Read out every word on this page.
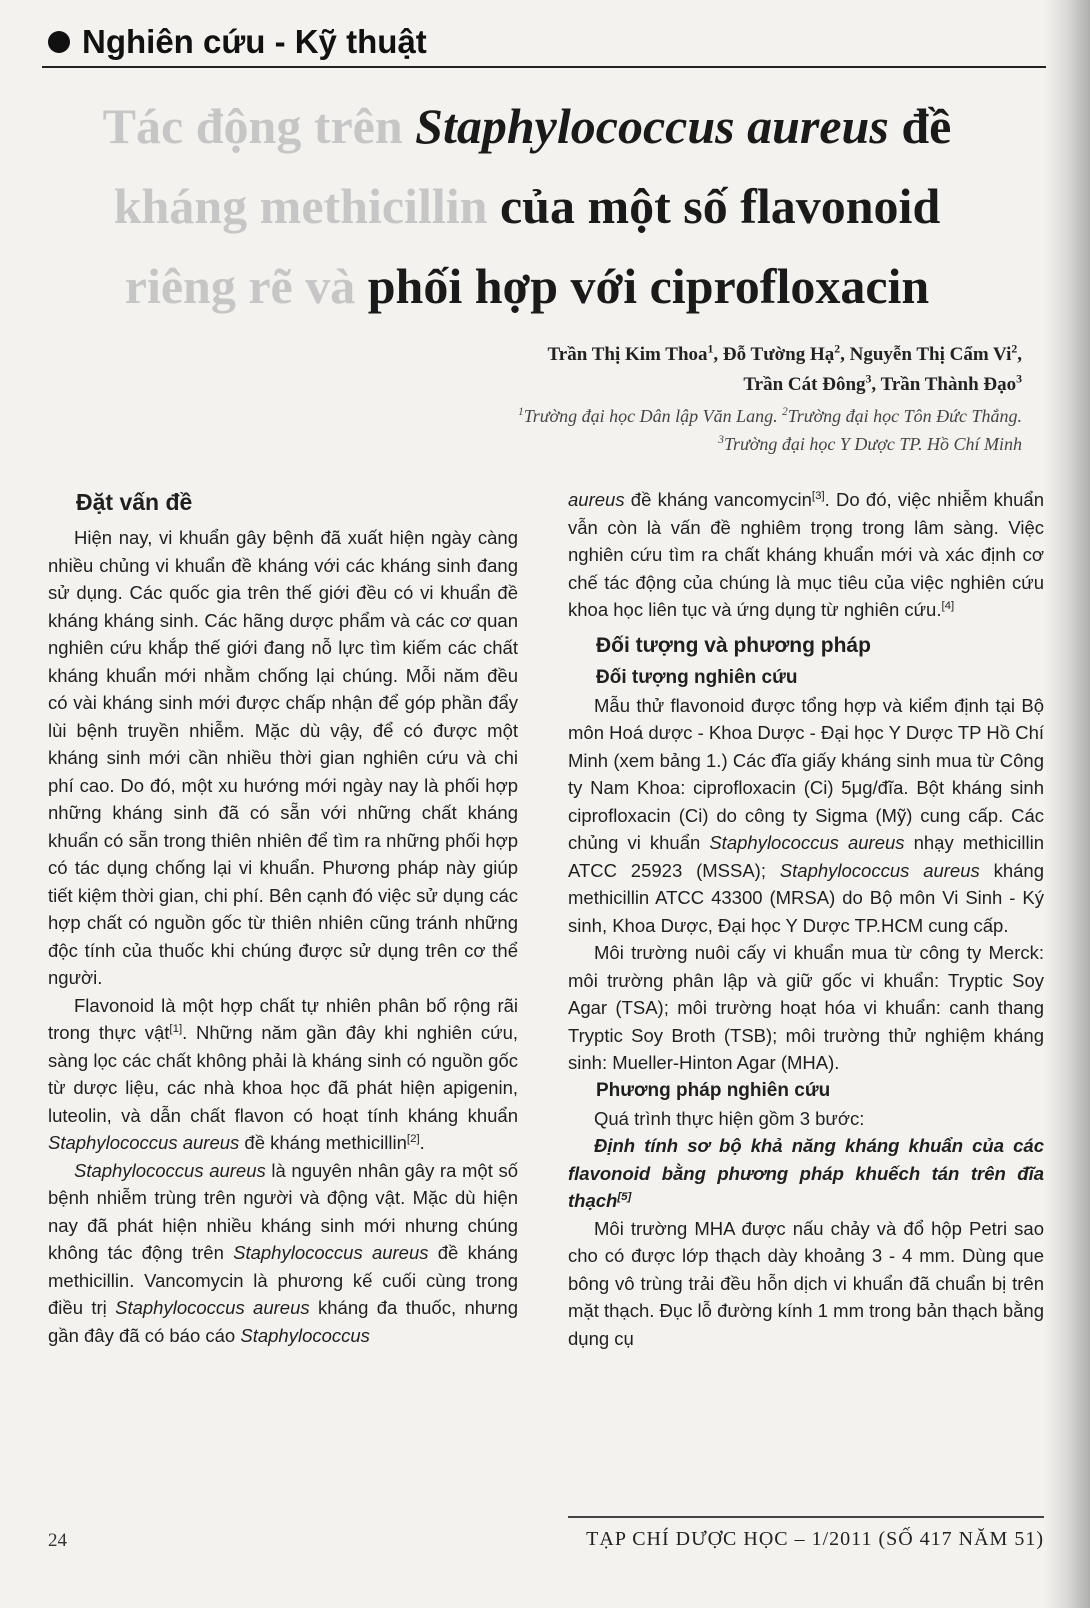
Nghiên cứu - Kỹ thuật
Tác động trên Staphylococcus aureus đề
kháng methicillin của một số flavonoid
riêng rẽ và phối hợp với ciprofloxacin
Trần Thị Kim Thoa$^1$, Đỗ Tường Hạ$^2$, Nguyễn Thị Cẩm Vi$^2$,
Trần Cát Đông$^3$, Trần Thành Đạo$^3$
$^1$Trường đại học Dân lập Văn Lang. $^2$Trường đại học Tôn Đức Thắng.
$^3$Trường đại học Y Dược TP. Hồ Chí Minh
Đặt vấn đề

Hiện nay, vi khuẩn gây bệnh đã xuất hiện ngày càng nhiều chủng vi khuẩn đề kháng với các kháng sinh đang sử dụng. Các quốc gia trên thế giới đều có vi khuẩn đề kháng kháng sinh. Các hãng dược phẩm và các cơ quan nghiên cứu khắp thế giới đang nỗ lực tìm kiếm các chất kháng khuẩn mới nhằm chống lại chúng. Mỗi năm đều có vài kháng sinh mới được chấp nhận để góp phần đẩy lùi bệnh truyền nhiễm. Mặc dù vậy, để có được một kháng sinh mới cần nhiều thời gian nghiên cứu và chi phí cao. Do đó, một xu hướng mới ngày nay là phối hợp những kháng sinh đã có sẵn với những chất kháng khuẩn có sẵn trong thiên nhiên để tìm ra những phối hợp có tác dụng chống lại vi khuẩn. Phương pháp này giúp tiết kiệm thời gian, chi phí. Bên cạnh đó việc sử dụng các hợp chất có nguồn gốc từ thiên nhiên cũng tránh những độc tính của thuốc khi chúng được sử dụng trên cơ thể người.

Flavonoid là một hợp chất tự nhiên phân bố rộng rãi trong thực vật[1]. Những năm gần đây khi nghiên cứu, sàng lọc các chất không phải là kháng sinh có nguồn gốc từ dược liệu, các nhà khoa học đã phát hiện apigenin, luteolin, và dẫn chất flavon có hoạt tính kháng khuẩn Staphylococcus aureus đề kháng methicillin[2].

Staphylococcus aureus là nguyên nhân gây ra một số bệnh nhiễm trùng trên người và động vật. Mặc dù hiện nay đã phát hiện nhiều kháng sinh mới nhưng chúng không tác động trên Staphylococcus aureus đề kháng methicillin. Vancomycin là phương kế cuối cùng trong điều trị Staphylococcus aureus kháng đa thuốc, nhưng gần đây đã có báo cáo Staphylococcus

aureus đề kháng vancomycin[3]. Do đó, việc nhiễm khuẩn vẫn còn là vấn đề nghiêm trọng trong lâm sàng. Việc nghiên cứu tìm ra chất kháng khuẩn mới và xác định cơ chế tác động của chúng là mục tiêu của việc nghiên cứu khoa học liên tục và ứng dụng từ nghiên cứu.[4]

Đối tượng và phương pháp
Đối tượng nghiên cứu

Mẫu thử flavonoid được tổng hợp và kiểm định tại Bộ môn Hoá dược - Khoa Dược - Đại học Y Dược TP Hồ Chí Minh (xem bảng 1.) Các đĩa giấy kháng sinh mua từ Công ty Nam Khoa: ciprofloxacin (Ci) 5μg/đĩa. Bột kháng sinh ciprofloxacin (Ci) do công ty Sigma (Mỹ) cung cấp. Các chủng vi khuẩn Staphylococcus aureus nhạy methicillin ATCC 25923 (MSSA); Staphylococcus aureus kháng methicillin ATCC 43300 (MRSA) do Bộ môn Vi Sinh - Ký sinh, Khoa Dược, Đại học Y Dược TP.HCM cung cấp.

Môi trường nuôi cấy vi khuẩn mua từ công ty Merck: môi trường phân lập và giữ gốc vi khuẩn: Tryptic Soy Agar (TSA); môi trường hoạt hóa vi khuẩn: canh thang Tryptic Soy Broth (TSB); môi trường thử nghiệm kháng sinh: Mueller-Hinton Agar (MHA).

Phương pháp nghiên cứu

Quá trình thực hiện gồm 3 bước:

Định tính sơ bộ khả năng kháng khuẩn của các flavonoid bằng phương pháp khuếch tán trên đĩa thạch[5]

Môi trường MHA được nấu chảy và đổ hộp Petri sao cho có được lớp thạch dày khoảng 3 - 4 mm. Dùng que bông vô trùng trải đều hỗn dịch vi khuẩn đã chuẩn bị trên mặt thạch. Đục lỗ đường kính 1 mm trong bản thạch bằng dụng cụ

24	TẠP CHÍ DƯỢC HỌC – 1/2011 (SỐ 417 NĂM 51)
